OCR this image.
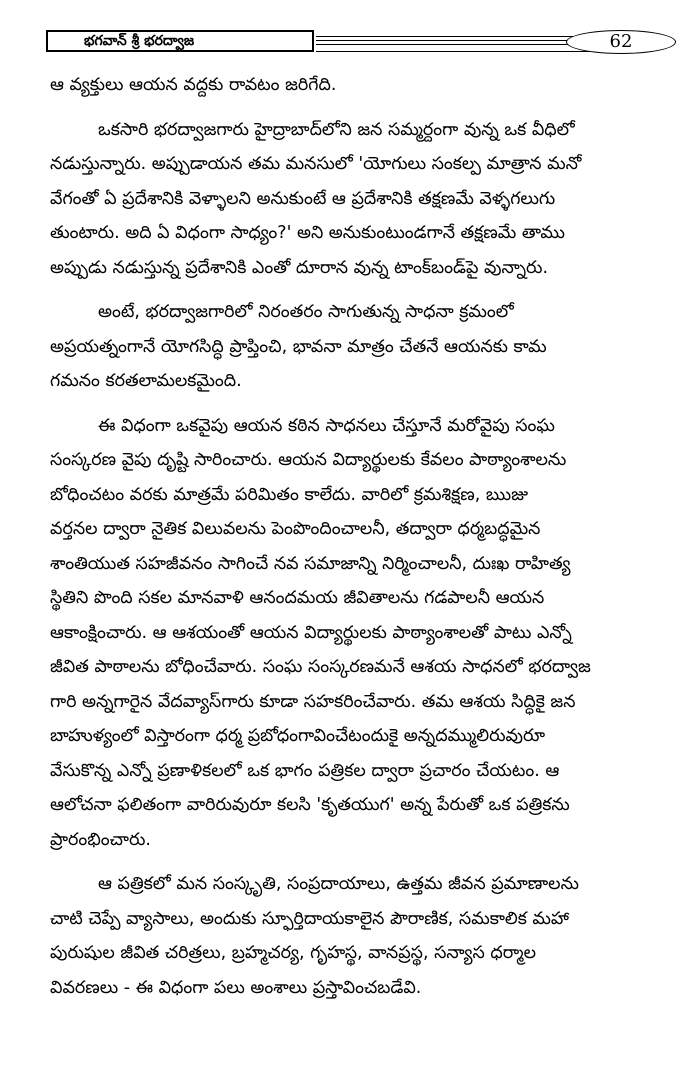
భగవాన్ శ్రీ భరద్వాజ	62
ఆ వ్యక్తులు ఆయన వద్దకు రావటం జరిగేది.
ఒకసారి భరద్వాజగారు హైద్రాబాద్‌లోని జన సమ్మర్దంగా వున్న ఒక వీధిలో
నడుస్తున్నారు. అప్పుడాయన తమ మనసులో 'యోగులు సంకల్ప మాత్రాన మనో
వేగంతో ఏ ప్రదేశానికి వెళ్ళాలని అనుకుంటే ఆ ప్రదేశానికి తక్షణమే వెళ్ళగలుగు
తుంటారు. అది ఏ విధంగా సాధ్యం?' అని అనుకుంటుండగానే తక్షణమే తాము
అప్పుడు నడుస్తున్న ప్రదేశానికి ఎంతో దూరాన వున్న టాంక్‌బండ్‌పై వున్నారు.
అంటే, భరద్వాజగారిలో నిరంతరం సాగుతున్న సాధనా క్రమంలో
అప్రయత్నంగానే యోగసిద్ధి ప్రాప్తించి, భావనా మాత్రం చేతనే ఆయనకు కామ
గమనం కరతలామలకమైంది.
ఈ విధంగా ఒకవైపు ఆయన కఠిన సాధనలు చేస్తూనే మరోవైపు సంఘ
సంస్కరణ వైపు దృష్టి సారించారు. ఆయన విద్యార్థులకు కేవలం పాఠ్యాంశాలను
బోధించటం వరకు మాత్రమే పరిమితం కాలేదు. వారిలో క్రమశిక్షణ, ఋజు
వర్తనల ద్వారా నైతిక విలువలను పెంపొందించాలనీ, తద్వారా ధర్మబద్ధమైన
శాంతియుత సహజీవనం సాగించే నవ సమాజాన్ని నిర్మించాలనీ, దుఃఖ రాహిత్య
స్థితిని పొంది సకల మానవాళి ఆనందమయ జీవితాలను గడపాలనీ ఆయన
ఆకాంక్షించారు. ఆ ఆశయంతో ఆయన విద్యార్థులకు పాఠ్యాంశాలతో పాటు ఎన్నో
జీవిత పాఠాలను బోధించేవారు. సంఘ సంస్కరణమనే ఆశయ సాధనలో భరద్వాజ
గారి అన్నగారైన వేదవ్యాస్‌గారు కూడా సహకరించేవారు. తమ ఆశయ సిద్ధికై జన
బాహుళ్యంలో విస్తారంగా ధర్మ ప్రబోధంగావించేటందుకై అన్నదమ్ములిరువురూ
వేసుకొన్న ఎన్నో ప్రణాళికలలో ఒక భాగం పత్రికల ద్వారా ప్రచారం చేయటం. ఆ
ఆలోచనా ఫలితంగా వారిరువురూ కలసి 'కృతయుగ' అన్న పేరుతో ఒక పత్రికను
ప్రారంభించారు.
ఆ పత్రికలో మన సంస్కృతి, సంప్రదాయాలు, ఉత్తమ జీవన ప్రమాణాలను
చాటి చెప్పే వ్యాసాలు, అందుకు స్ఫూర్తిదాయకాలైన పౌరాణిక, సమకాలిక మహా
పురుషుల జీవిత చరిత్రలు, బ్రహ్మచర్య, గృహస్థ, వానప్రస్థ, సన్యాస ధర్మాల
వివరణలు - ఈ విధంగా పలు అంశాలు ప్రస్తావించబడేవి.
